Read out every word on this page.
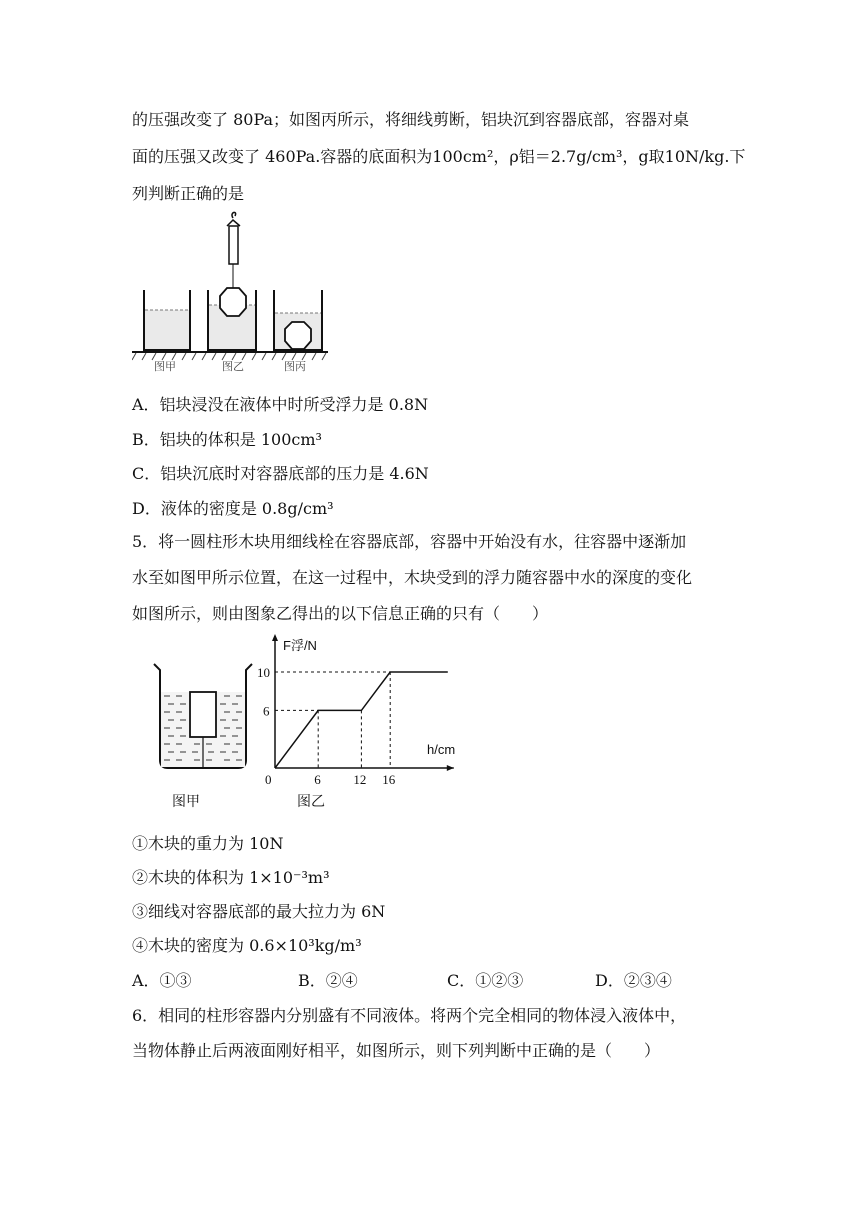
的压强改变了 80Pa；如图丙所示，将细线剪断，铝块沉到容器底部，容器对桌
面的压强又改变了 460Pa.容器的底面积为100cm²，ρ铝＝2.7g/cm³，g取10N/kg.下
列判断正确的是
图甲	图乙	图丙
A．铝块浸没在液体中时所受浮力是 0.8N
B．铝块的体积是 100cm³
C．铝块沉底时对容器底部的压力是 4.6N
D．液体的密度是 0.8g/cm³
5．将一圆柱形木块用细线栓在容器底部，容器中开始没有水，往容器中逐渐加
水至如图甲所示位置，在这一过程中，木块受到的浮力随容器中水的深度的变化
如图所示，则由图象乙得出的以下信息正确的只有（　　）
图甲
F浮/N
h/cm
图乙
0	6	12 16
6
10
①木块的重力为 10N
②木块的体积为 1×10⁻³m³
③细线对容器底部的最大拉力为 6N
④木块的密度为 0.6×10³kg/m³
A．①③	B．②④	C．①②③	D．②③④
6．相同的柱形容器内分别盛有不同液体。将两个完全相同的物体浸入液体中，
当物体静止后两液面刚好相平，如图所示，则下列判断中正确的是（　　）
